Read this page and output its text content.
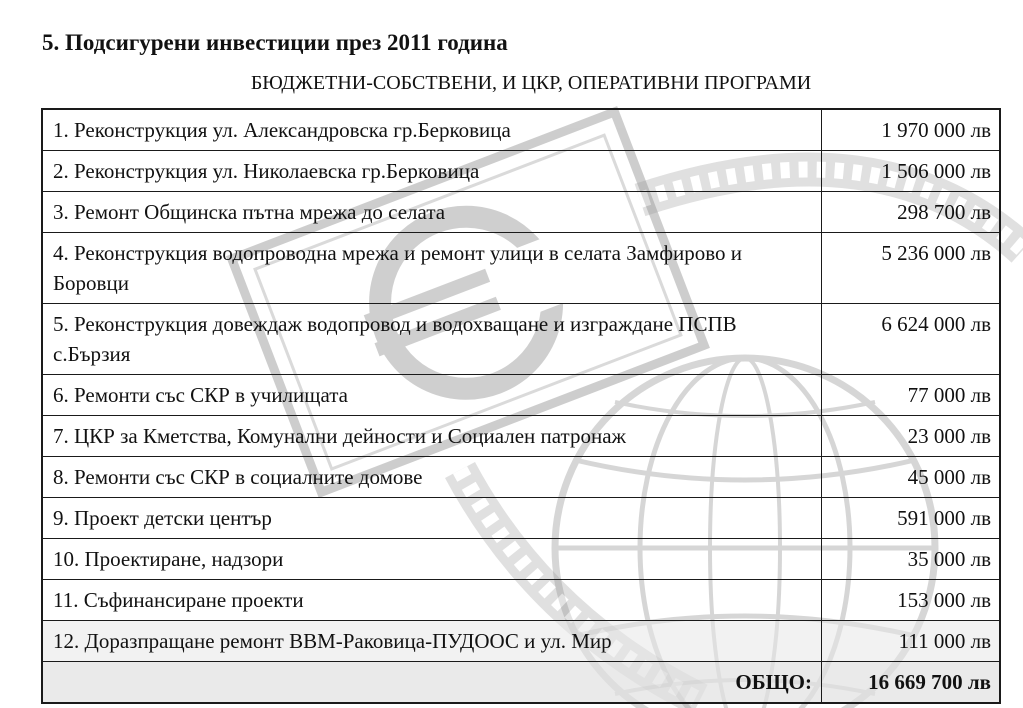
5. Подсигурени инвестиции през 2011 година
БЮДЖЕТНИ-СОБСТВЕНИ, И ЦКР, ОПЕРАТИВНИ ПРОГРАМИ
1. Реконструкция ул. Александровска гр.Берковица	1 970 000 лв
2. Реконструкция ул. Николаевска гр.Берковица	1 506 000 лв
3. Ремонт Общинска пътна мрежа до селата	298 700 лв
4. Реконструкция водопроводна мрежа и ремонт улици в селата Замфирово и Боровци	5 236 000 лв
5. Реконструкция довеждаж водопровод и водохващане и изграждане ПСПВ с.Бързия	6 624 000 лв
6. Ремонти със СКР в училищата	77 000 лв
7. ЦКР за Кметства, Комунални дейности и Социален патронаж	23 000 лв
8. Ремонти със СКР в социалните домове	45 000 лв
9. Проект детски център	591 000 лв
10. Проектиране, надзори	35 000 лв
11. Съфинансиране проекти	153 000 лв
12. Доразпращане ремонт ВВМ-Раковица-ПУДООС и ул. Мир	111 000 лв
ОБЩО:	16 669 700 лв
